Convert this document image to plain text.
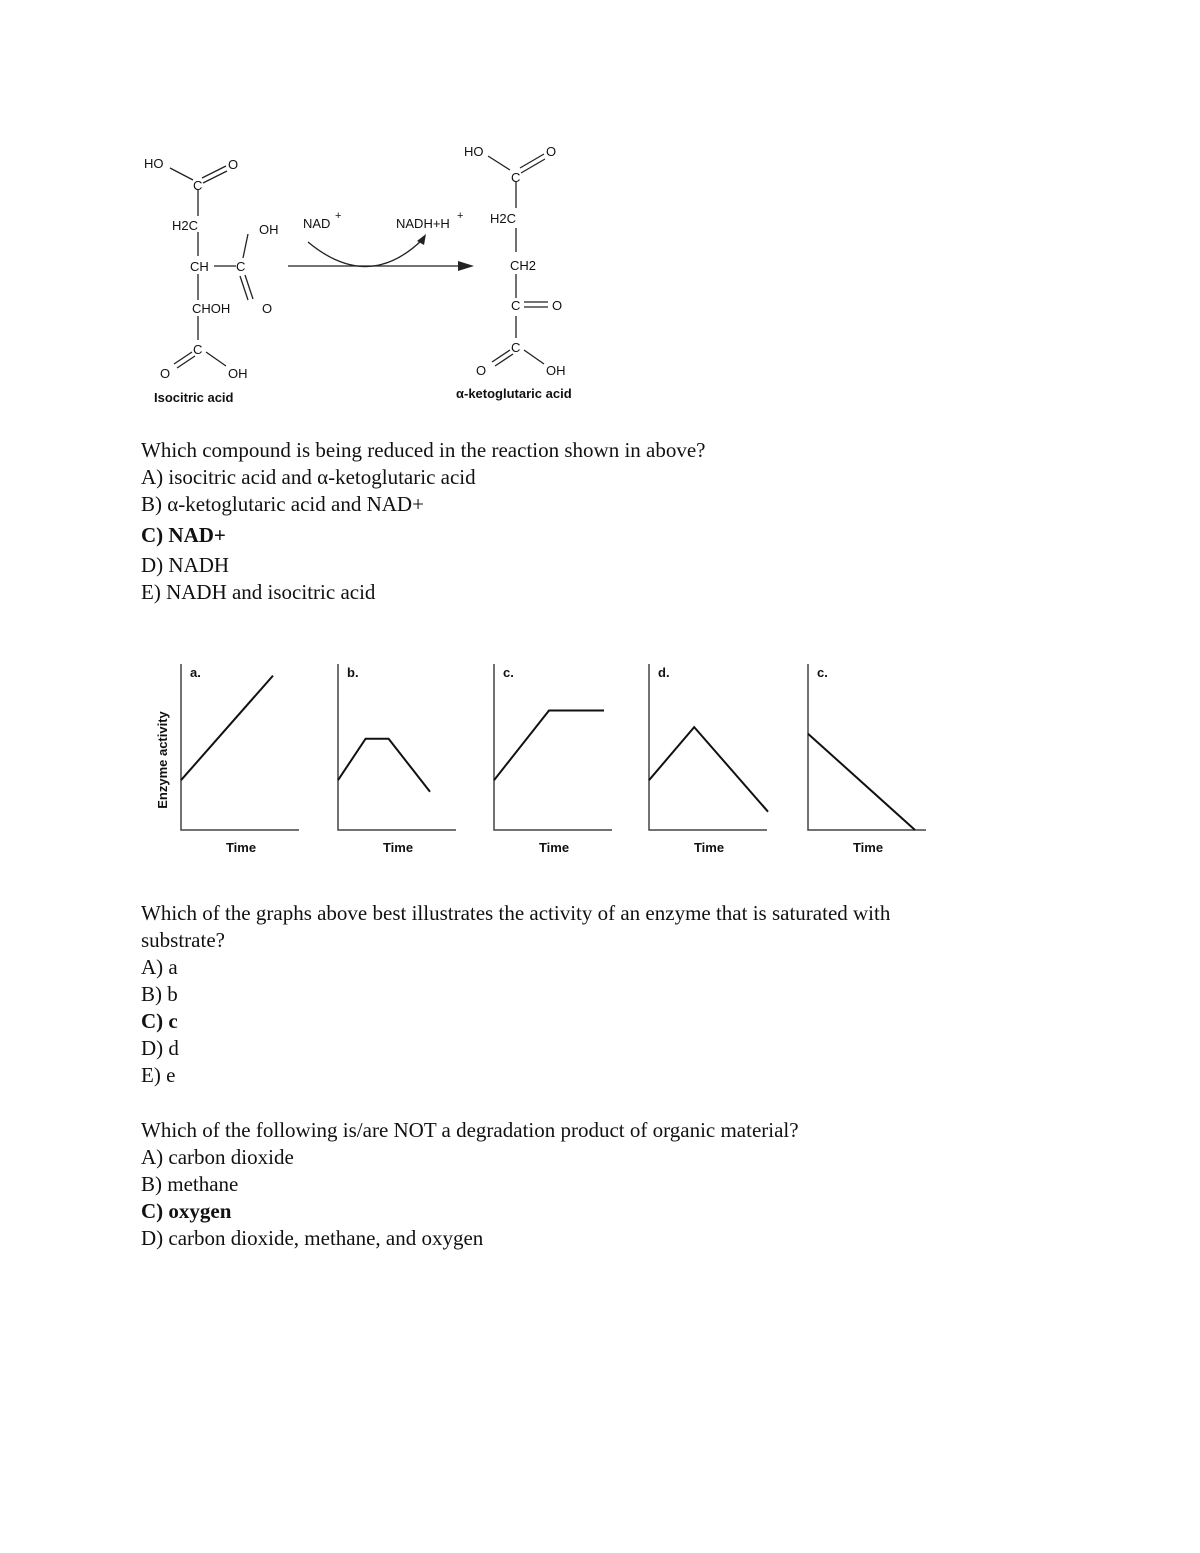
HO	O
C
H2C
CH C
OH
O
CHOH
C
O	OH
Isocitric acid
NAD +	NADH+H +
HO	O
C
H2C
CH2
C O
C
O	OH
α-ketoglutaric acid
Which compound is being reduced in the reaction shown in above?
A) isocitric acid and α-ketoglutaric acid
B) α-ketoglutaric acid and NAD+
C) NAD+
D) NADH
E) NADH and isocitric acid
Enzyme activity
a.
Time
b.
Time
c.
Time
d.
Time
c.
Time
Which of the graphs above best illustrates the activity of an enzyme that is saturated with
substrate?
A) a
B) b
C) c
D) d
E) e
Which of the following is/are NOT a degradation product of organic material?
A) carbon dioxide
B) methane
C) oxygen
D) carbon dioxide, methane, and oxygen
